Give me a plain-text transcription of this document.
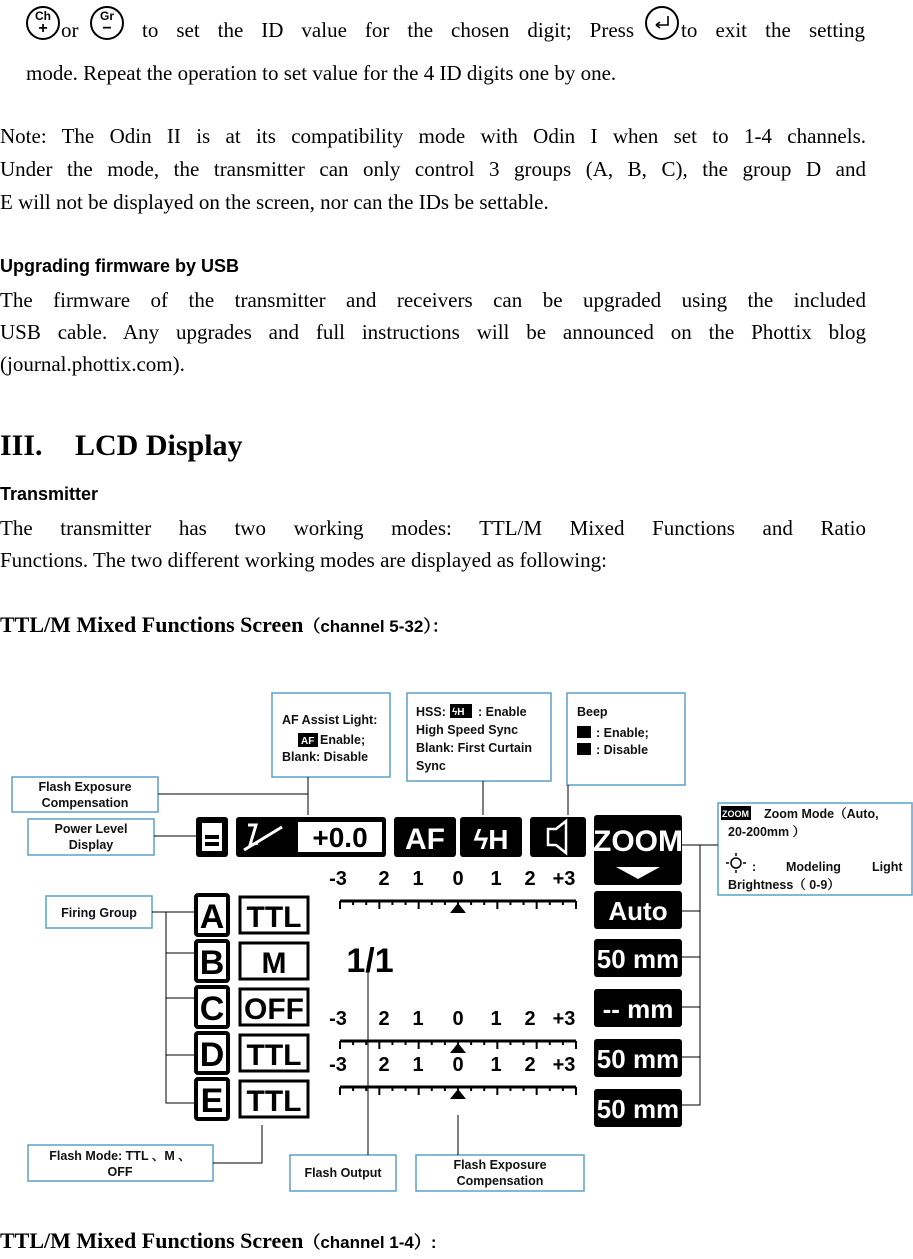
Ch
+ or
Gr
−	to set the ID value for the chosen digit; Press to exit the setting
mode. Repeat the operation to set value for the 4 ID digits one by one.
Note: The Odin II is at its compatibility mode with Odin I when set to 1-4 channels.
Under the mode, the transmitter can only control 3 groups (A, B, C), the group D and
E will not be displayed on the screen, nor can the IDs be settable.
Upgrading firmware by USB
The firmware of the transmitter and receivers can be upgraded using the included
USB cable. Any upgrades and full instructions will be announced on the Phottix blog
(journal.phottix.com).
III. LCD Display
Transmitter
The transmitter has two working modes: TTL/M Mixed Functions and Ratio
Functions. The two different working modes are displayed as following:
TTL/M Mixed Functions Screen（channel 5-32）：
AF Assist Light:
AF Enable;
Blank: Disable
HSS: ϟH : Enable
High Speed Sync
Blank: First Curtain
Sync
Beep
: Enable;
: Disable
ZOOM Zoom Mode（Auto,
20-200mm ）
: Modeling Light
Brightness（ 0-9）
Flash Exposure
Compensation
Power Level
Display
Firing Group
Flash Mode: TTL 、M 、
OFF	Flash Output
Flash Exposure
Compensation
+0.0 AF ϟH	ZOOM
A TTL
B M
C OFF
D TTL
E TTL
-3 2 1 0 1 2 +3
-3 2 1 0 1 2 +3
-3 2 1 0 1 2 +3
1/1
Auto
50 mm
-- mm
50 mm
50 mm
TTL/M Mixed Functions Screen（channel 1-4）:
